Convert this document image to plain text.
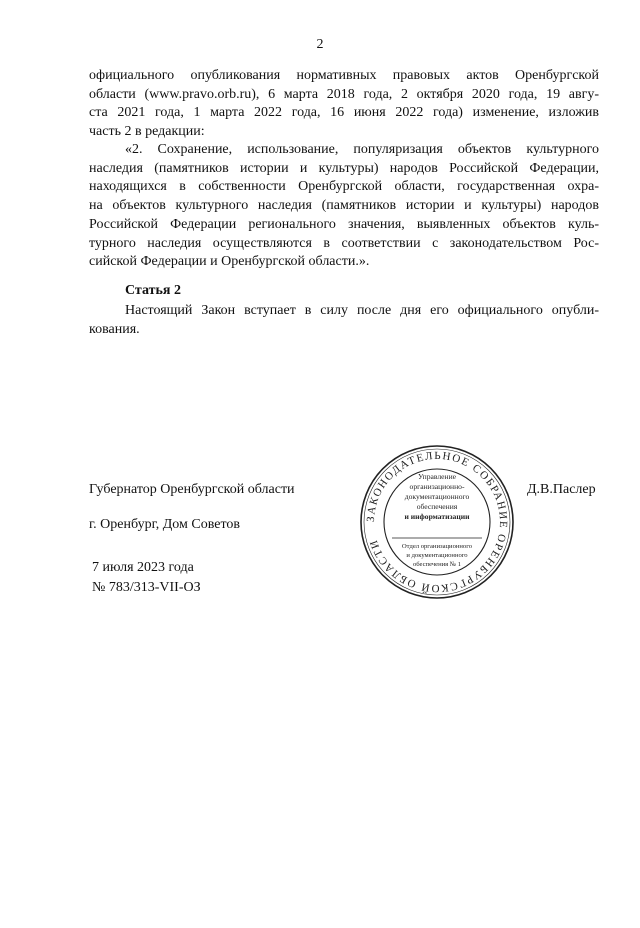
2
официального опубликования нормативных правовых актов Оренбургской
области (www.pravo.orb.ru), 6 марта 2018 года, 2 октября 2020 года, 19 авгу-
ста 2021 года, 1 марта 2022 года, 16 июня 2022 года) изменение, изложив
часть 2 в редакции:
«2. Сохранение, использование, популяризация объектов культурного
наследия (памятников истории и культуры) народов Российской Федерации,
находящихся в собственности Оренбургской области, государственная охра-
на объектов культурного наследия (памятников истории и культуры) народов
Российской Федерации регионального значения, выявленных объектов куль-
турного наследия осуществляются в соответствии с законодательством Рос-
сийской Федерации и Оренбургской области.».
Статья 2
Настоящий Закон вступает в силу после дня его официального опубли-
кования.
Губернатор Оренбургской области	Д.В.Паслер
г. Оренбург, Дом Советов
7 июля 2023 года
№ 783/313-VII-ОЗ
ЗАКОНОДАТЕЛЬНОЕ СОБРАНИЕ ОРЕНБУРГСКОЙ ОБЛАСТИ
Управление
организационно-
документационного
обеспечения
и информатизации
Отдел организационного
и документационного
обеспечения № 1
